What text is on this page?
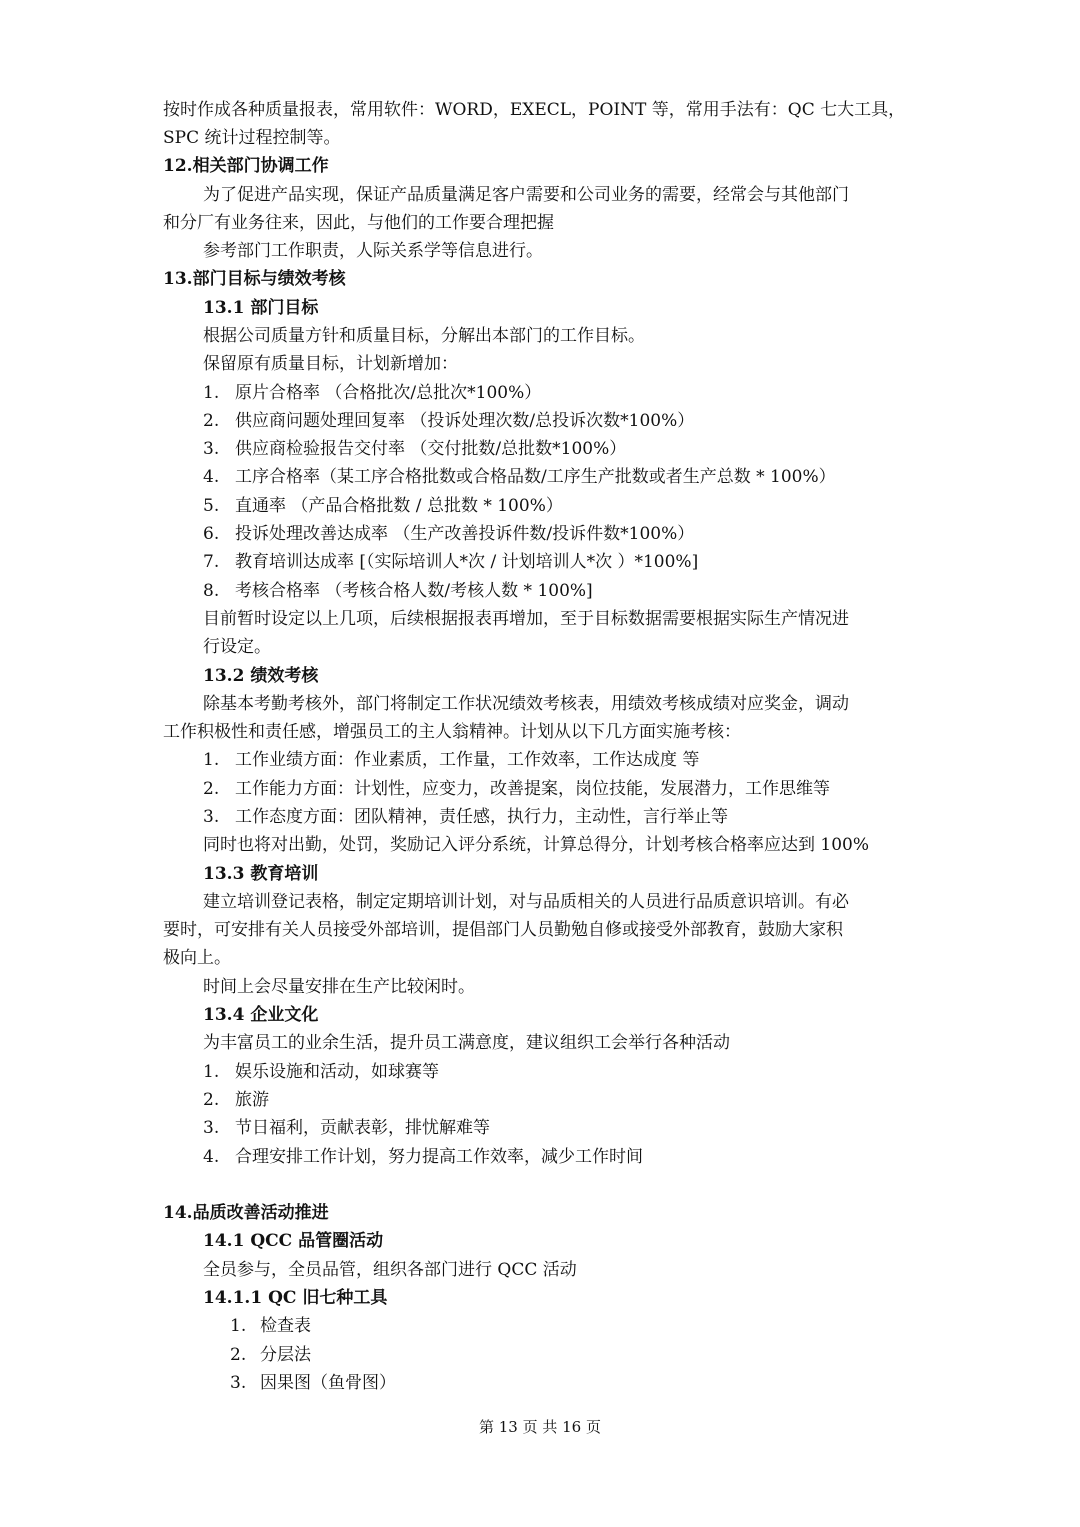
按时作成各种质量报表，常用软件：WORD，EXECL，POINT 等，常用手法有：QC 七大工具，
SPC 统计过程控制等。
12.相关部门协调工作
为了促进产品实现，保证产品质量满足客户需要和公司业务的需要，经常会与其他部门
和分厂有业务往来，因此，与他们的工作要合理把握
参考部门工作职责，人际关系学等信息进行。
13.部门目标与绩效考核
13.1 部门目标
根据公司质量方针和质量目标，分解出本部门的工作目标。
保留原有质量目标，计划新增加：
1. 原片合格率 （合格批次/总批次*100%）
2. 供应商问题处理回复率 （投诉处理次数/总投诉次数*100%）
3. 供应商检验报告交付率 （交付批数/总批数*100%）
4. 工序合格率（某工序合格批数或合格品数/工序生产批数或者生产总数 * 100%）
5. 直通率 （产品合格批数 / 总批数 * 100%）
6. 投诉处理改善达成率 （生产改善投诉件数/投诉件数*100%）
7. 教育培训达成率 [（实际培训人*次 / 计划培训人*次 ）*100%]
8. 考核合格率 （考核合格人数/考核人数 * 100%]
目前暂时设定以上几项，后续根据报表再增加，至于目标数据需要根据实际生产情况进
行设定。
13.2 绩效考核
除基本考勤考核外，部门将制定工作状况绩效考核表，用绩效考核成绩对应奖金，调动
工作积极性和责任感，增强员工的主人翁精神。计划从以下几方面实施考核：
1. 工作业绩方面：作业素质，工作量，工作效率，工作达成度 等
2. 工作能力方面：计划性，应变力，改善提案，岗位技能，发展潜力，工作思维等
3. 工作态度方面：团队精神，责任感，执行力，主动性，言行举止等
同时也将对出勤，处罚，奖励记入评分系统，计算总得分，计划考核合格率应达到 100%
13.3 教育培训
建立培训登记表格，制定定期培训计划，对与品质相关的人员进行品质意识培训。有必
要时，可安排有关人员接受外部培训，提倡部门人员勤勉自修或接受外部教育，鼓励大家积
极向上。
时间上会尽量安排在生产比较闲时。
13.4 企业文化
为丰富员工的业余生活，提升员工满意度，建议组织工会举行各种活动
1. 娱乐设施和活动，如球赛等
2. 旅游
3. 节日福利，贡献表彰，排忧解难等
4. 合理安排工作计划，努力提高工作效率，减少工作时间
14.品质改善活动推进
14.1 QCC 品管圈活动
全员参与，全员品管，组织各部门进行 QCC 活动
14.1.1 QC 旧七种工具
1. 检查表
2. 分层法
3. 因果图（鱼骨图）
第 13 页 共 16 页
